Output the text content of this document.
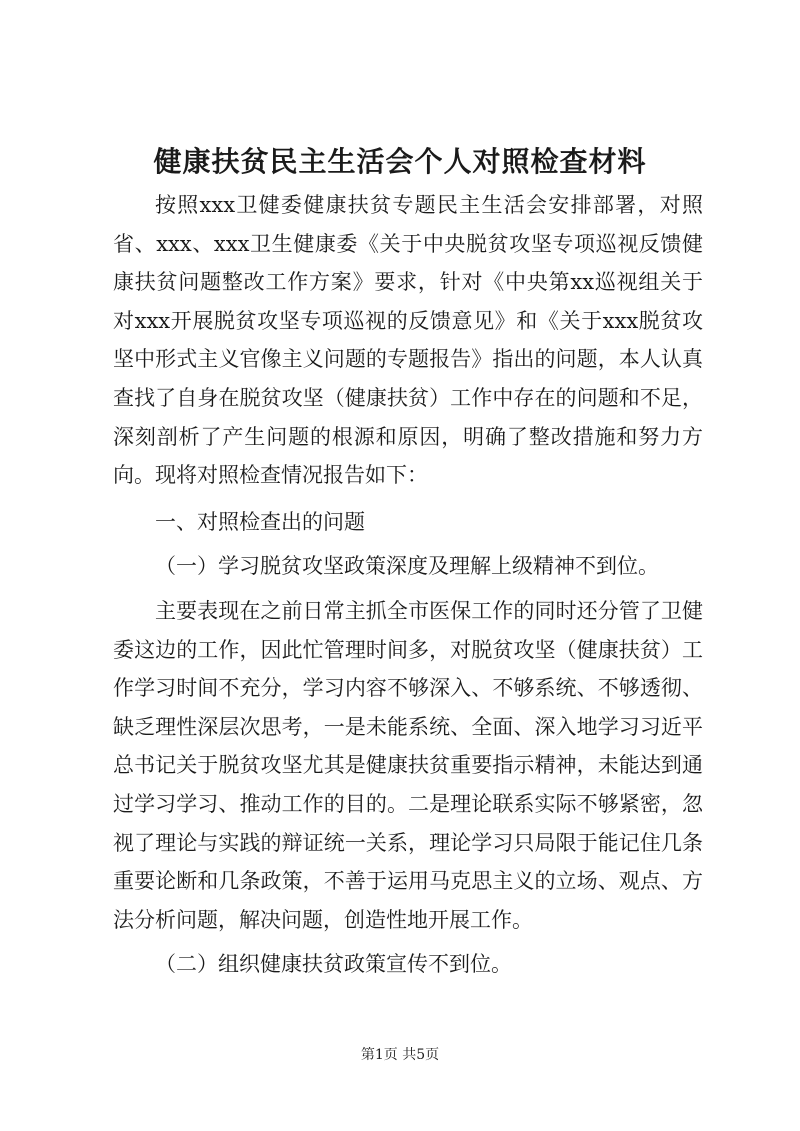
健康扶贫民主生活会个人对照检查材料

按照xxx卫健委健康扶贫专题民主生活会安排部署，对照省、xxx、xxx卫生健康委《关于中央脱贫攻坚专项巡视反馈健康扶贫问题整改工作方案》要求，针对《中央第xx巡视组关于对xxx开展脱贫攻坚专项巡视的反馈意见》和《关于xxx脱贫攻坚中形式主义官像主义问题的专题报告》指出的问题，本人认真查找了自身在脱贫攻坚（健康扶贫）工作中存在的问题和不足，深刻剖析了产生问题的根源和原因，明确了整改措施和努力方向。现将对照检查情况报告如下：

一、对照检查出的问题

（一）学习脱贫攻坚政策深度及理解上级精神不到位。

主要表现在之前日常主抓全市医保工作的同时还分管了卫健委这边的工作，因此忙管理时间多，对脱贫攻坚（健康扶贫）工作学习时间不充分，学习内容不够深入、不够系统、不够透彻、缺乏理性深层次思考，一是未能系统、全面、深入地学习习近平总书记关于脱贫攻坚尤其是健康扶贫重要指示精神，未能达到通过学习学习、推动工作的目的。二是理论联系实际不够紧密，忽视了理论与实践的辩证统一关系，理论学习只局限于能记住几条重要论断和几条政策，不善于运用马克思主义的立场、观点、方法分析问题，解决问题，创造性地开展工作。

（二）组织健康扶贫政策宣传不到位。

第1页 共5页
